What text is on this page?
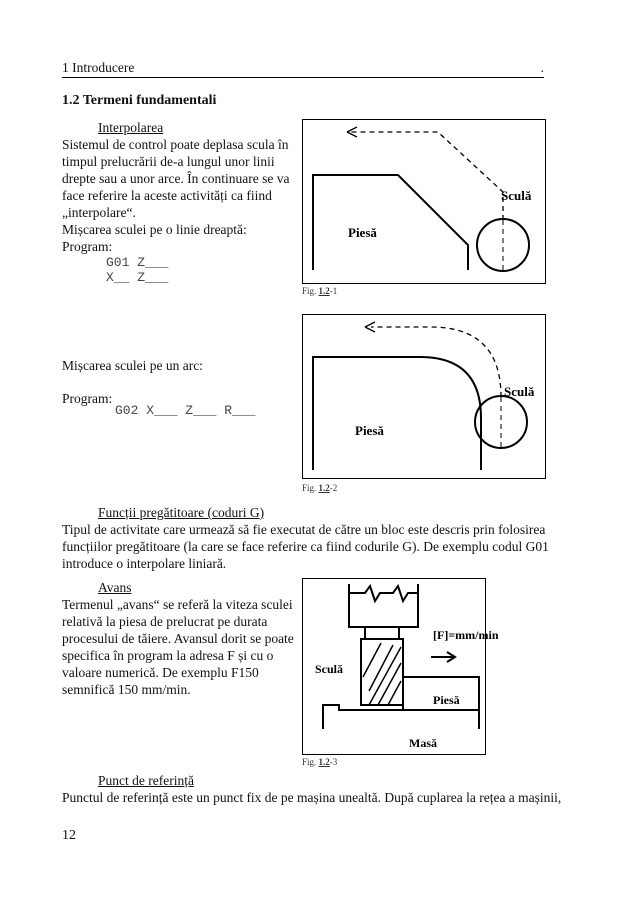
1 Introducere	.
1.2 Termeni fundamentali
Interpolarea
Sistemul de control poate deplasa scula în
timpul prelucrării de-a lungul unor linii
drepte sau a unor arce. În continuare se va
face referire la aceste activități ca fiind
„interpolare“.
Mișcarea sculei pe o linie dreaptă:
Program:
G01 Z___
X__ Z___
Piesă
Sculă
Fig. 1.2-1
Mișcarea sculei pe un arc:
Program:
G02 X___ Z___ R___
Piesă
Sculă
Fig. 1.2-2
Funcții pregătitoare (coduri G)
Tipul de activitate care urmează să fie executat de către un bloc este descris prin folosirea
funcțiilor pregătitoare (la care se face referire ca fiind codurile G). De exemplu codul G01
introduce o interpolare liniară.
Avans
Termenul „avans“ se referă la viteza sculei
relativă la piesa de prelucrat pe durata
procesului de tăiere. Avansul dorit se poate
specifica în program la adresa F și cu o
valoare numerică. De exemplu F150
semnifică 150 mm/min.
[F]=mm/min
Sculă
Piesă
Masă
Fig. 1.2-3
Punct de referință
Punctul de referință este un punct fix de pe mașina unealtă. După cuplarea la rețea a mașinii,
12
